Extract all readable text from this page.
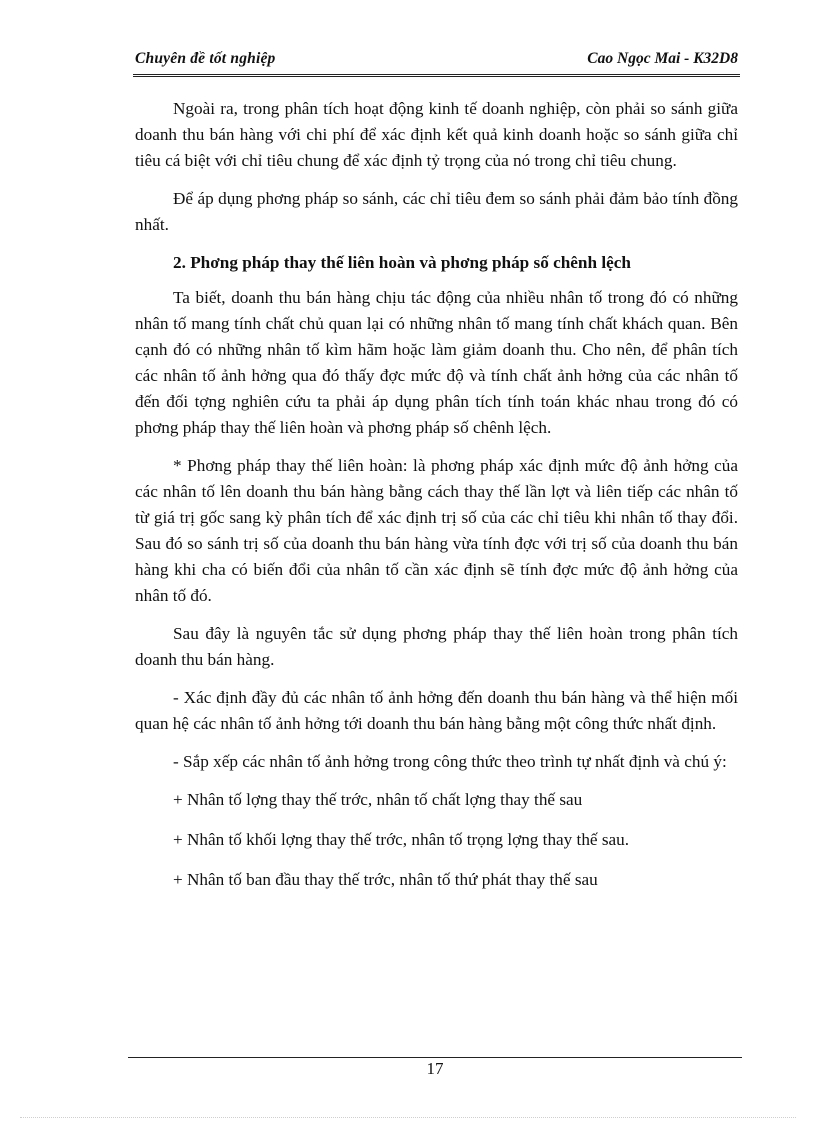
Chuyên đề tốt nghiệp	Cao Ngọc Mai - K32D8

Ngoài ra, trong phân tích hoạt động kinh tế doanh nghiệp, còn phải so sánh giữa doanh thu bán hàng với chi phí để xác định kết quả kinh doanh hoặc so sánh giữa chỉ tiêu cá biệt với chỉ tiêu chung để xác định tỷ trọng của nó trong chỉ tiêu chung.

Để áp dụng phơng pháp so sánh, các chỉ tiêu đem so sánh phải đảm bảo tính đồng nhất.

2. Phơng pháp thay thế liên hoàn và phơng pháp số chênh lệch

Ta biết, doanh thu bán hàng chịu tác động của nhiều nhân tố trong đó có những nhân tố mang tính chất chủ quan lại có những nhân tố mang tính chất khách quan. Bên cạnh đó có những nhân tố kìm hãm hoặc làm giảm doanh thu. Cho nên, để phân tích các nhân tố ảnh hởng qua đó thấy đợc mức độ và tính chất ảnh hởng của các nhân tố đến đối tợng nghiên cứu ta phải áp dụng phân tích tính toán khác nhau trong đó có phơng pháp thay thế liên hoàn và phơng pháp số chênh lệch.

* Phơng pháp thay thế liên hoàn: là phơng pháp xác định mức độ ảnh hởng của các nhân tố lên doanh thu bán hàng bằng cách thay thế lần lợt và liên tiếp các nhân tố từ giá trị gốc sang kỳ phân tích để xác định trị số của các chỉ tiêu khi nhân tố thay đổi. Sau đó so sánh trị số của doanh thu bán hàng vừa tính đợc với trị số của doanh thu bán hàng khi cha có biến đổi của nhân tố cần xác định sẽ tính đợc mức độ ảnh hởng của nhân tố đó.

Sau đây là nguyên tắc sử dụng phơng pháp thay thế liên hoàn trong phân tích doanh thu bán hàng.

- Xác định đầy đủ các nhân tố ảnh hởng đến doanh thu bán hàng và thể hiện mối quan hệ các nhân tố ảnh hởng tới doanh thu bán hàng bằng một công thức nhất định.

- Sắp xếp các nhân tố ảnh hởng trong công thức theo trình tự nhất định và chú ý:

+ Nhân tố lợng thay thế trớc, nhân tố chất lợng thay thế sau

+ Nhân tố khối lợng thay thế trớc, nhân tố trọng lợng thay thế sau.

+ Nhân tố ban đầu thay thế trớc, nhân tố thứ phát thay thế sau

17
